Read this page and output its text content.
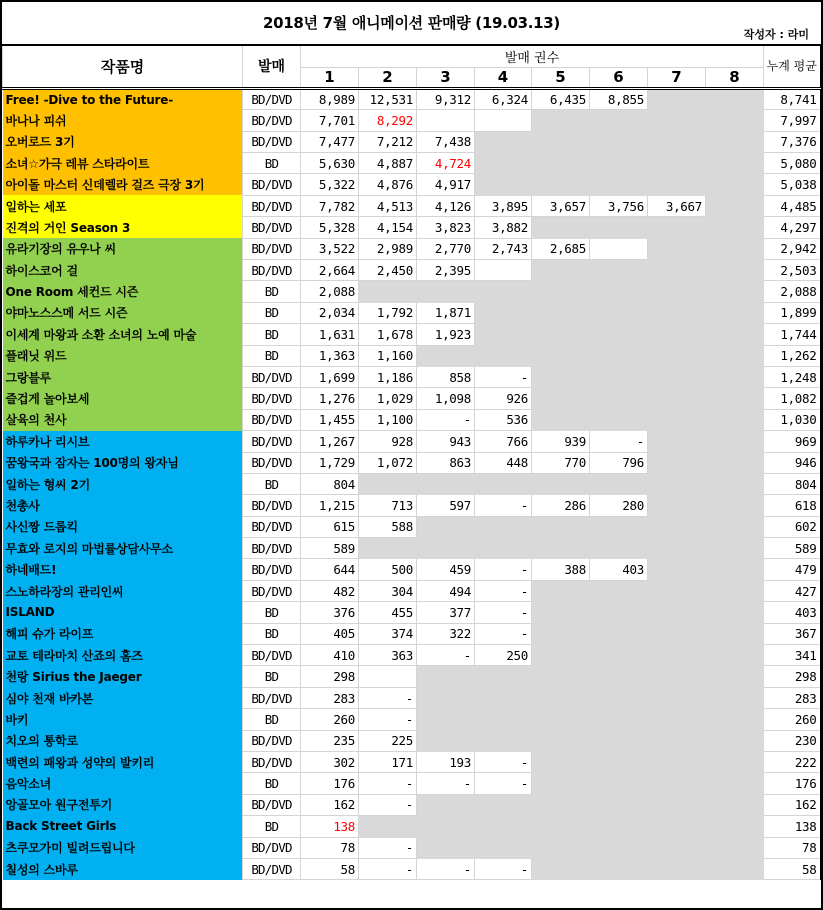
2018년 7월 애니메이션 판매량 (19.03.13)
작성자 : 라미
작품명	발매	발매 권수								누계 평균
		1	2	3	4	5	6	7	8	
Free! -Dive to the Future-	BD/DVD	8,989	12,531	9,312	6,324	6,435	8,855			8,741
바나나 피쉬	BD/DVD	7,701	8,292							7,997
오버로드 3기	BD/DVD	7,477	7,212	7,438						7,376
소녀☆가극 레뷰 스타라이트	BD	5,630	4,887	4,724						5,080
아이돌 마스터 신데렐라 걸즈 극장 3기	BD/DVD	5,322	4,876	4,917						5,038
일하는 세포	BD/DVD	7,782	4,513	4,126	3,895	3,657	3,756	3,667		4,485
진격의 거인 Season 3	BD/DVD	5,328	4,154	3,823	3,882					4,297
유라기장의 유우나 씨	BD/DVD	3,522	2,989	2,770	2,743	2,685				2,942
하이스코어 걸	BD/DVD	2,664	2,450	2,395						2,503
One Room 세컨드 시즌	BD	2,088								2,088
야마노스스메 서드 시즌	BD	2,034	1,792	1,871						1,899
이세계 마왕과 소환 소녀의 노예 마술	BD	1,631	1,678	1,923						1,744
플래닛 위드	BD	1,363	1,160							1,262
그랑블루	BD/DVD	1,699	1,186	858	-					1,248
즐겁게 놀아보세	BD/DVD	1,276	1,029	1,098	926					1,082
살육의 천사	BD/DVD	1,455	1,100	-	536					1,030
하루카나 리시브	BD/DVD	1,267	928	943	766	939	-			969
꿈왕국과 잠자는 100명의 왕자님	BD/DVD	1,729	1,072	863	448	770	796			946
일하는 형씨 2기	BD	804								804
천총사	BD/DVD	1,215	713	597	-	286	280			618
사신짱 드롭킥	BD/DVD	615	588							602
무효와 로지의 마법률상담사무소	BD/DVD	589								589
하네배드!	BD/DVD	644	500	459	-	388	403			479
스노하라장의 관리인씨	BD/DVD	482	304	494	-					427
ISLAND	BD	376	455	377	-					403
해피 슈가 라이프	BD	405	374	322	-					367
교토 테라마치 산죠의 홈즈	BD/DVD	410	363	-	250					341
천랑 Sirius the Jaeger	BD	298								298
심야 천재 바카본	BD/DVD	283	-							283
바키	BD	260	-							260
치오의 통학로	BD/DVD	235	225							230
백련의 패왕과 성약의 발키리	BD/DVD	302	171	193	-					222
음악소녀	BD	176	-	-	-					176
앙골모아 원구전투기	BD/DVD	162	-							162
Back Street Girls	BD	138								138
츠쿠모가미 빌려드립니다	BD/DVD	78	-							78
칠성의 스바루	BD/DVD	58	-	-	-					58
